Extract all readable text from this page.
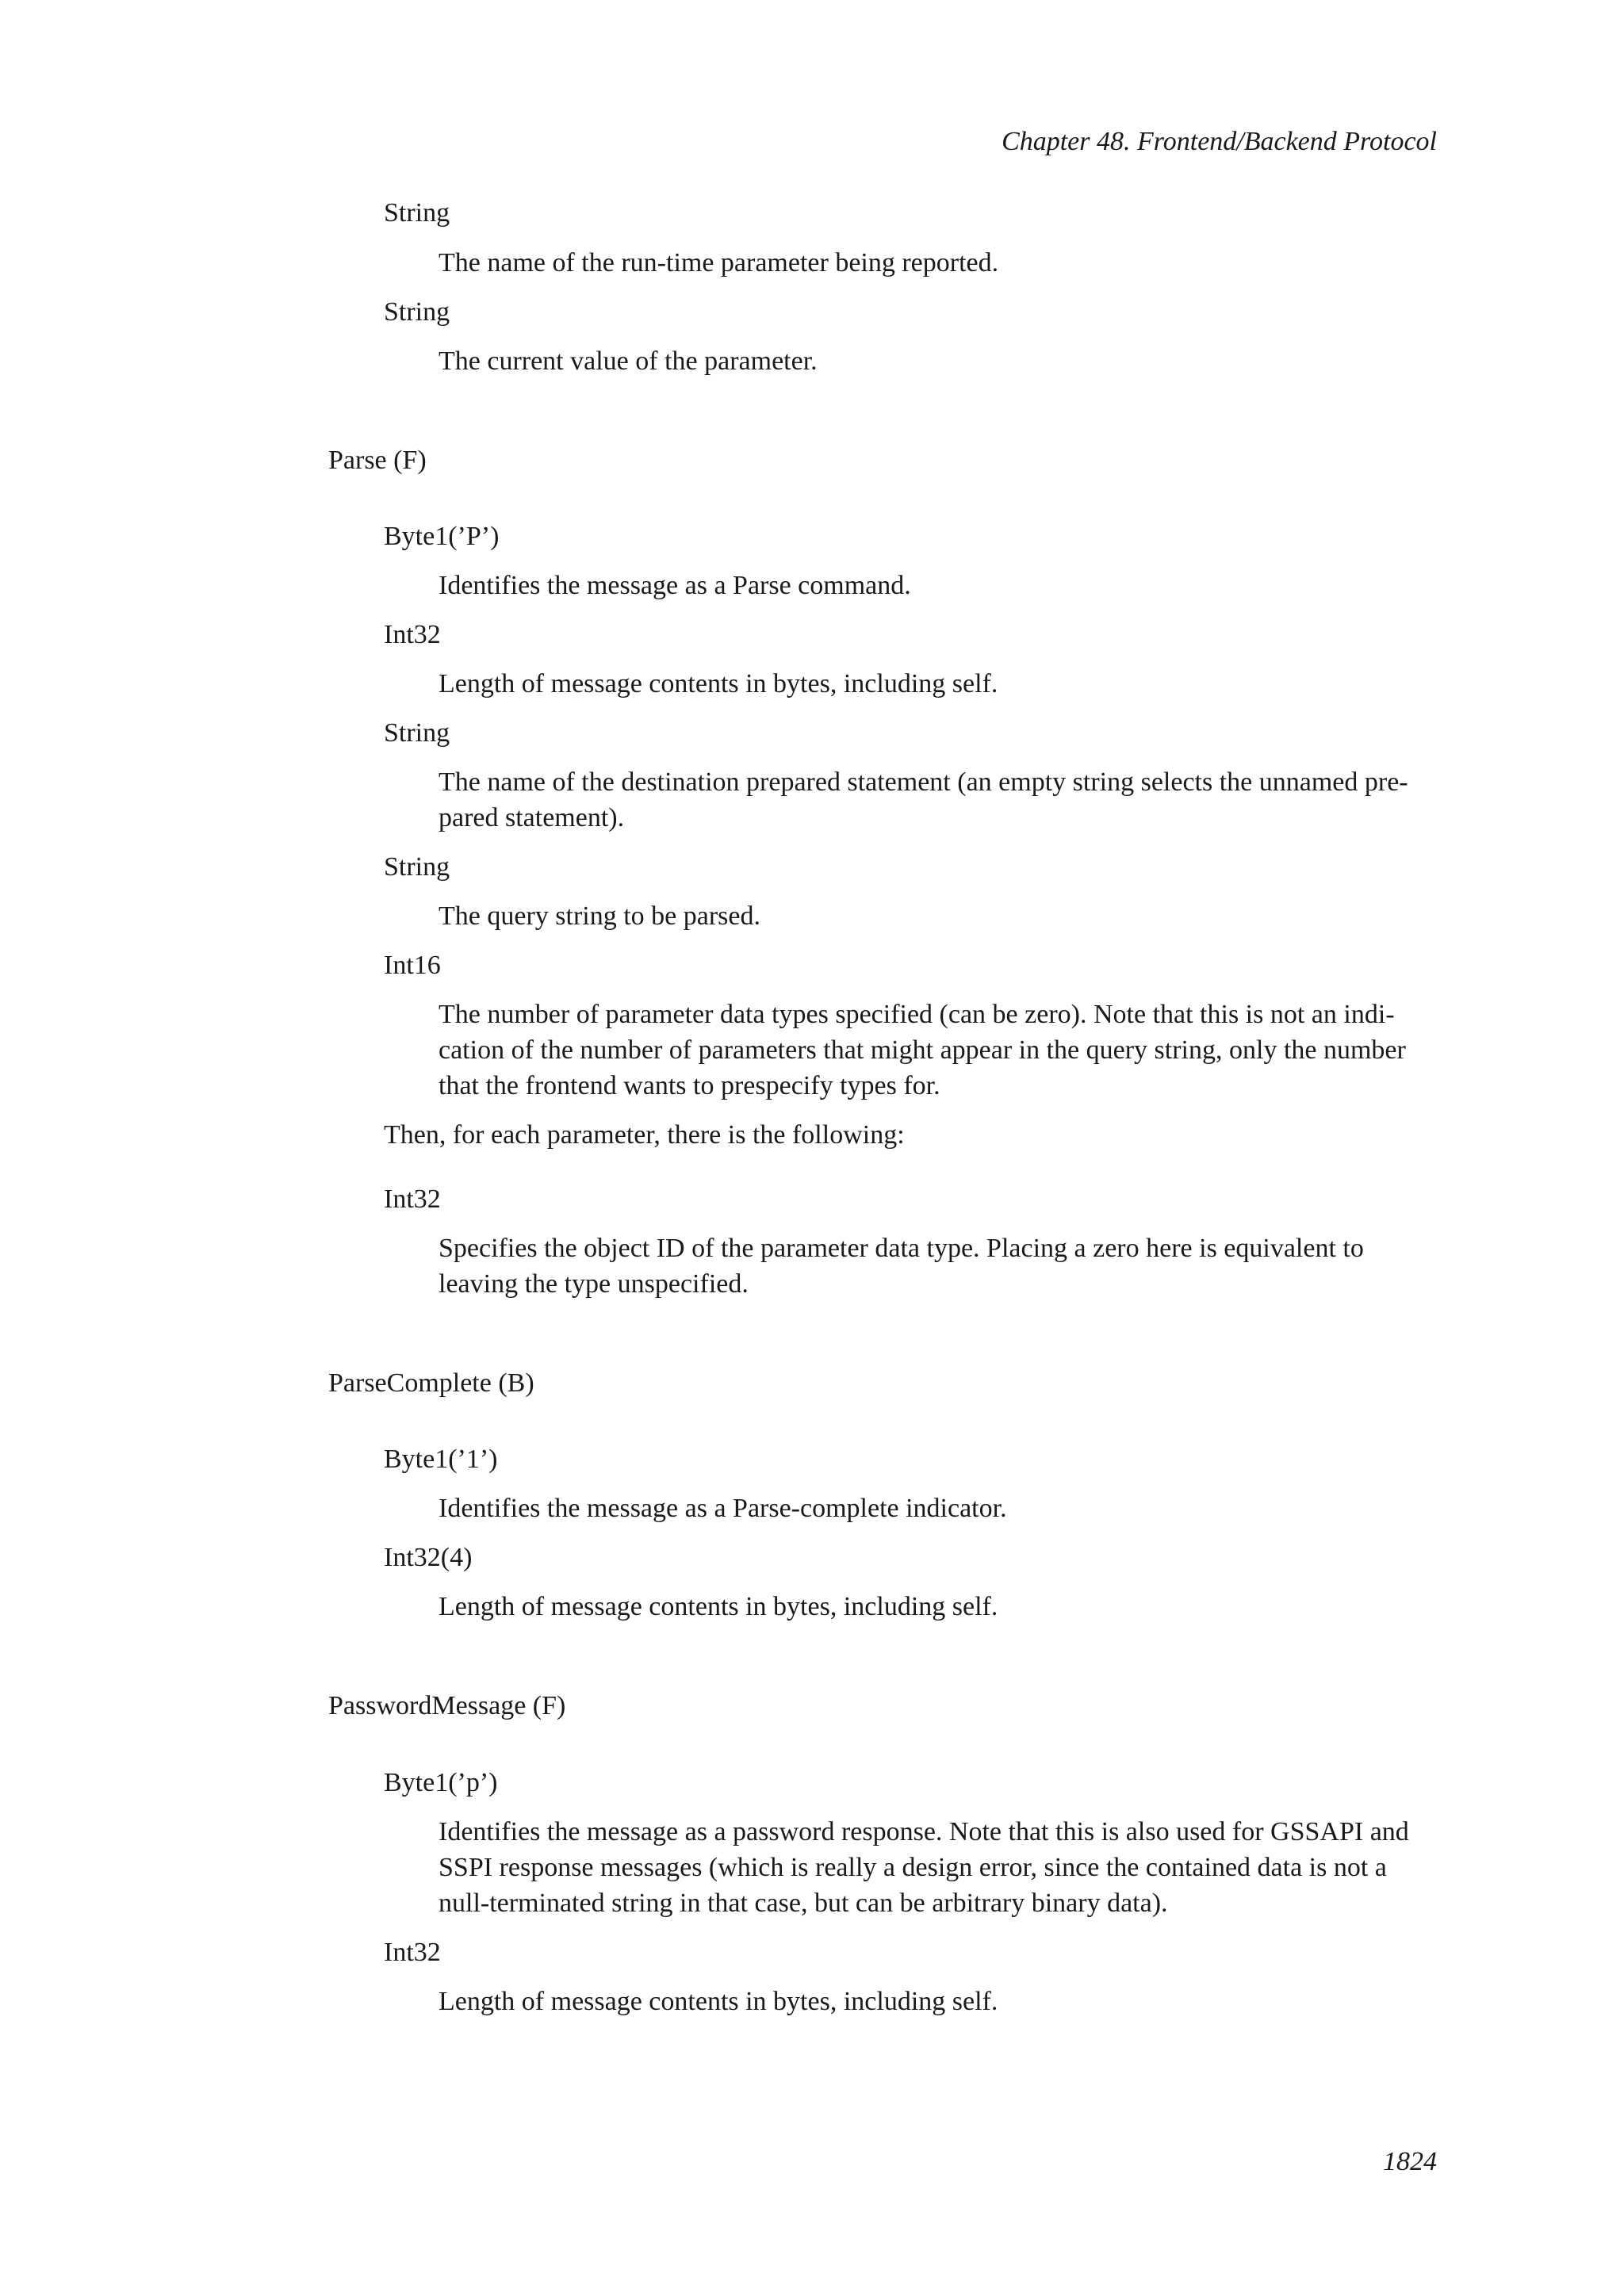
Chapter 48. Frontend/Backend Protocol
String
The name of the run-time parameter being reported.
String
The current value of the parameter.
Parse (F)
Byte1(’P’)
Identifies the message as a Parse command.
Int32
Length of message contents in bytes, including self.
String
The name of the destination prepared statement (an empty string selects the unnamed pre-
pared statement).
String
The query string to be parsed.
Int16
The number of parameter data types specified (can be zero). Note that this is not an indi-
cation of the number of parameters that might appear in the query string, only the number
that the frontend wants to prespecify types for.
Then, for each parameter, there is the following:
Int32
Specifies the object ID of the parameter data type. Placing a zero here is equivalent to
leaving the type unspecified.
ParseComplete (B)
Byte1(’1’)
Identifies the message as a Parse-complete indicator.
Int32(4)
Length of message contents in bytes, including self.
PasswordMessage (F)
Byte1(’p’)
Identifies the message as a password response. Note that this is also used for GSSAPI and
SSPI response messages (which is really a design error, since the contained data is not a
null-terminated string in that case, but can be arbitrary binary data).
Int32
Length of message contents in bytes, including self.
1824
